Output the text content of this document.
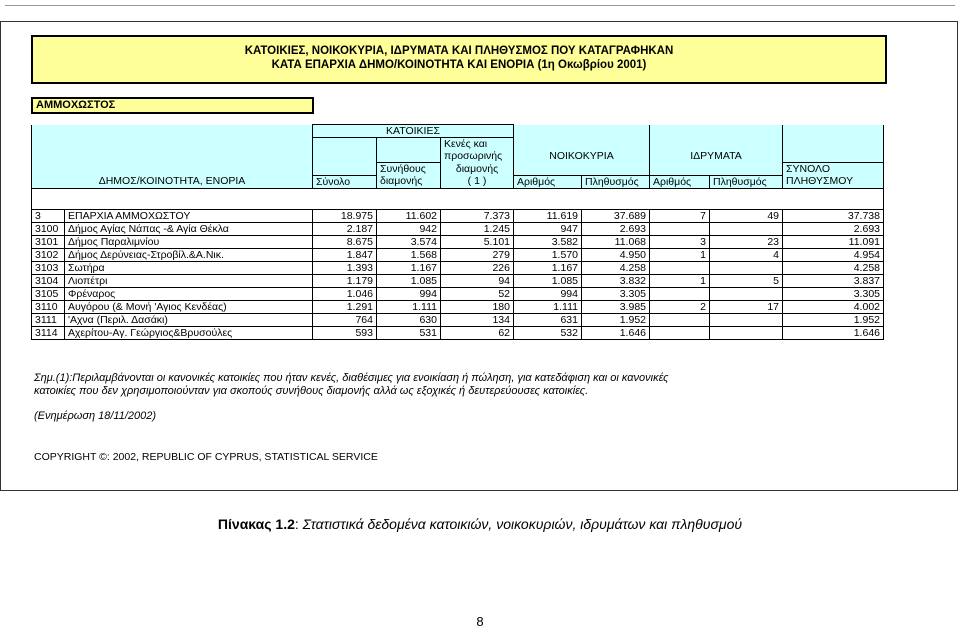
ΚΑΤΟΙΚΙΕΣ, ΝΟΙΚΟΚΥΡΙΑ, ΙΔΡΥΜΑΤΑ ΚΑΙ ΠΛΗΘΥΣΜΟΣ ΠΟΥ ΚΑΤΑΓΡΑΦΗΚΑΝ
ΚΑΤΑ ΕΠΑΡΧΙΑ ΔΗΜΟ/ΚΟΙΝΟΤΗΤΑ ΚΑΙ ΕΝΟΡΙΑ (1η Οκωβρίου 2001)
ΑΜΜΟΧΩΣΤΟΣ
		ΚΑΤΟΙΚΙΕΣ							
				Κενές και					
				προσωρινής	ΝΟΙΚΟΚΥΡΙΑ		ΙΔΡΥΜΑΤΑ		
			Συνήθους	διαμονής					ΣΥΝΟΛΟ
ΔΗΜΟΣ/ΚΟΙΝΟΤΗΤΑ, ΕΝΟΡΙΑ		Σύνολο	διαμονής	( 1 )	Αριθμός	Πληθυσμός	Αριθμός	Πληθυσμός	ΠΛΗΘΥΣΜΟΥ

3	ΕΠΑΡΧΙΑ ΑΜΜΟΧΩΣΤΟΥ	18.975	11.602	7.373	11.619	37.689	7	49	37.738
3100	Δήμος Αγίας Νάπας -& Αγία Θέκλα	2.187	942	1.245	947	2.693			2.693
3101	Δήμος Παραλιμνίου	8.675	3.574	5.101	3.582	11.068	3	23	11.091
3102	Δήμος Δερύνειας-Στροβίλ.&Α.Νικ.	1.847	1.568	279	1.570	4.950	1	4	4.954
3103	Σωτήρα	1.393	1.167	226	1.167	4.258			4.258
3104	Λιοπέτρι	1.179	1.085	94	1.085	3.832	1	5	3.837
3105	Φρέναρος	1.046	994	52	994	3.305			3.305
3110	Αυγόρου (& Μονή 'Αγιος Κενδέας)	1.291	1.111	180	1.111	3.985	2	17	4.002
3111	'Αχνα (Περιλ. Δασάκι)	764	630	134	631	1.952			1.952
3114	Αχερίτου-Αγ. Γεώργιος&Βρυσούλες	593	531	62	532	1.646			1.646
Σημ.(1):Περιλαμβάνονται οι κανονικές κατοικίες που ήταν κενές, διαθέσιμες για ενοικίαση ή πώληση, για κατεδάφιση και οι κανονικές
κατοικίες που δεν χρησιμοποιούνταν για σκοπούς συνήθους διαμονής αλλά ως εξοχικές ή δευτερεύουσες κατοικίες.
(Ενημέρωση 18/11/2002)
COPYRIGHT ©: 2002, REPUBLIC OF CYPRUS, STATISTICAL SERVICE
Πίνακας 1.2: Στατιστικά δεδομένα κατοικιών, νοικοκυριών, ιδρυμάτων και πληθυσμού
8
